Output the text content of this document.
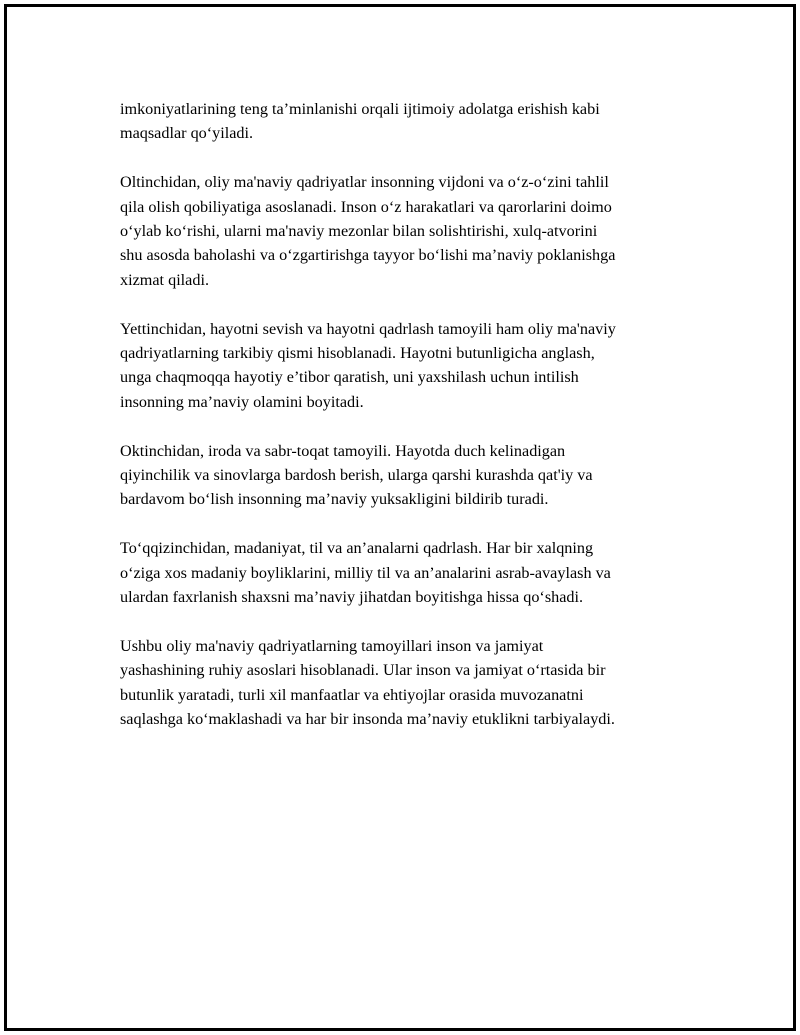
imkoniyatlarining teng ta’minlanishi orqali ijtimoiy adolatga erishish kabi
maqsadlar qo‘yiladi.

Oltinchidan, oliy ma'naviy qadriyatlar insonning vijdoni va o‘z-o‘zini tahlil
qila olish qobiliyatiga asoslanadi. Inson o‘z harakatlari va qarorlarini doimo
o‘ylab ko‘rishi, ularni ma'naviy mezonlar bilan solishtirishi, xulq-atvorini
shu asosda baholashi va o‘zgartirishga tayyor bo‘lishi ma’naviy poklanishga
xizmat qiladi.

Yettinchidan, hayotni sevish va hayotni qadrlash tamoyili ham oliy ma'naviy
qadriyatlarning tarkibiy qismi hisoblanadi. Hayotni butunligicha anglash,
unga chaqmoqqa hayotiy e’tibor qaratish, uni yaxshilash uchun intilish
insonning ma’naviy olamini boyitadi.

Oktinchidan, iroda va sabr-toqat tamoyili. Hayotda duch kelinadigan
qiyinchilik va sinovlarga bardosh berish, ularga qarshi kurashda qat'iy va
bardavom bo‘lish insonning ma’naviy yuksakligini bildirib turadi.

To‘qqizinchidan, madaniyat, til va an’analarni qadrlash. Har bir xalqning
o‘ziga xos madaniy boyliklarini, milliy til va an’analarini asrab-avaylash va
ulardan faxrlanish shaxsni ma’naviy jihatdan boyitishga hissa qo‘shadi.

Ushbu oliy ma'naviy qadriyatlarning tamoyillari inson va jamiyat
yashashining ruhiy asoslari hisoblanadi. Ular inson va jamiyat o‘rtasida bir
butunlik yaratadi, turli xil manfaatlar va ehtiyojlar orasida muvozanatni
saqlashga ko‘maklashadi va har bir insonda ma’naviy etuklikni tarbiyalaydi.
